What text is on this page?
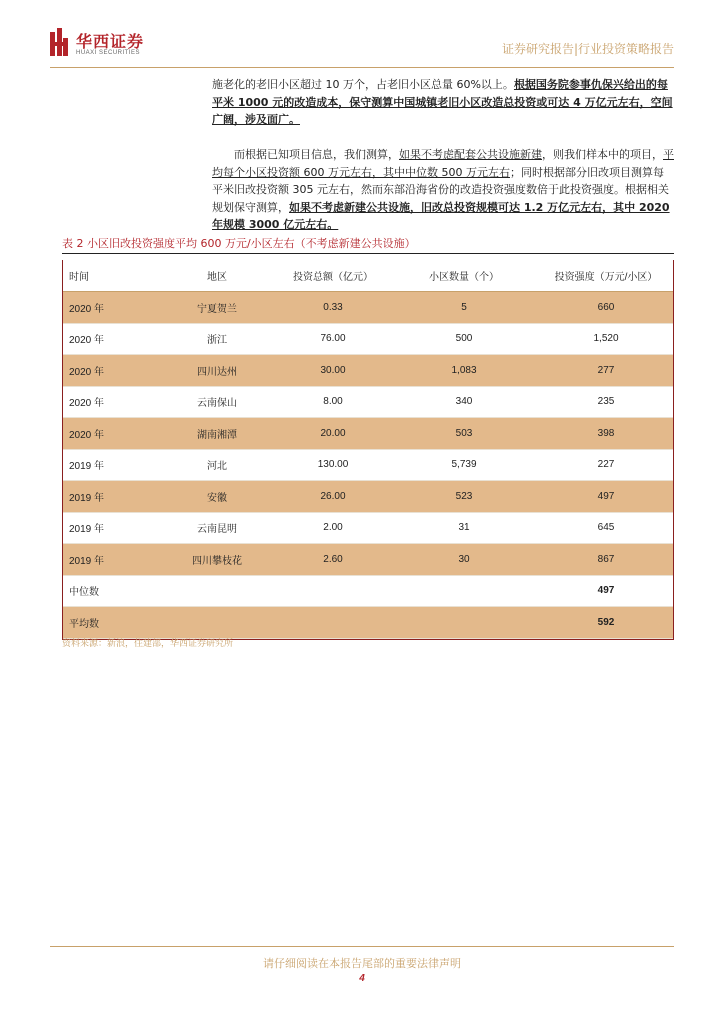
华西证券
HUAXI SECURITIES	证券研究报告|行业投资策略报告
施老化的老旧小区超过 10 万个，占老旧小区总量 60%以上。根据国务院参事仇保兴给出的每平米 1000 元的改造成本，保守测算中国城镇老旧小区改造总投资或可达 4 万亿元左右，空间广阔，涉及面广。
而根据已知项目信息，我们测算，如果不考虑配套公共设施新建，则我们样本中的项目，平均每个小区投资额 600 万元左右，其中中位数 500 万元左右；同时根据部分旧改项目测算每平米旧改投资额 305 元左右，然而东部沿海省份的改造投资强度数倍于此投资强度。根据相关规划保守测算，如果不考虑新建公共设施，旧改总投资规模可达 1.2 万亿元左右，其中 2020 年规模 3000 亿元左右。
表 2 小区旧改投资强度平均 600 万元/小区左右（不考虑新建公共设施）
时间	地区	投资总额（亿元）	小区数量（个）	投资强度（万元/小区）
2020 年	宁夏贺兰	0.33	5	660
2020 年	浙江	76.00	500	1,520
2020 年	四川达州	30.00	1,083	277
2020 年	云南保山	8.00	340	235
2020 年	湖南湘潭	20.00	503	398
2019 年	河北	130.00	5,739	227
2019 年	安徽	26.00	523	497
2019 年	云南昆明	2.00	31	645
2019 年	四川攀枝花	2.60	30	867
中位数				497
平均数				592
资料来源：新浪，住建部，华西证券研究所
请仔细阅读在本报告尾部的重要法律声明
4
